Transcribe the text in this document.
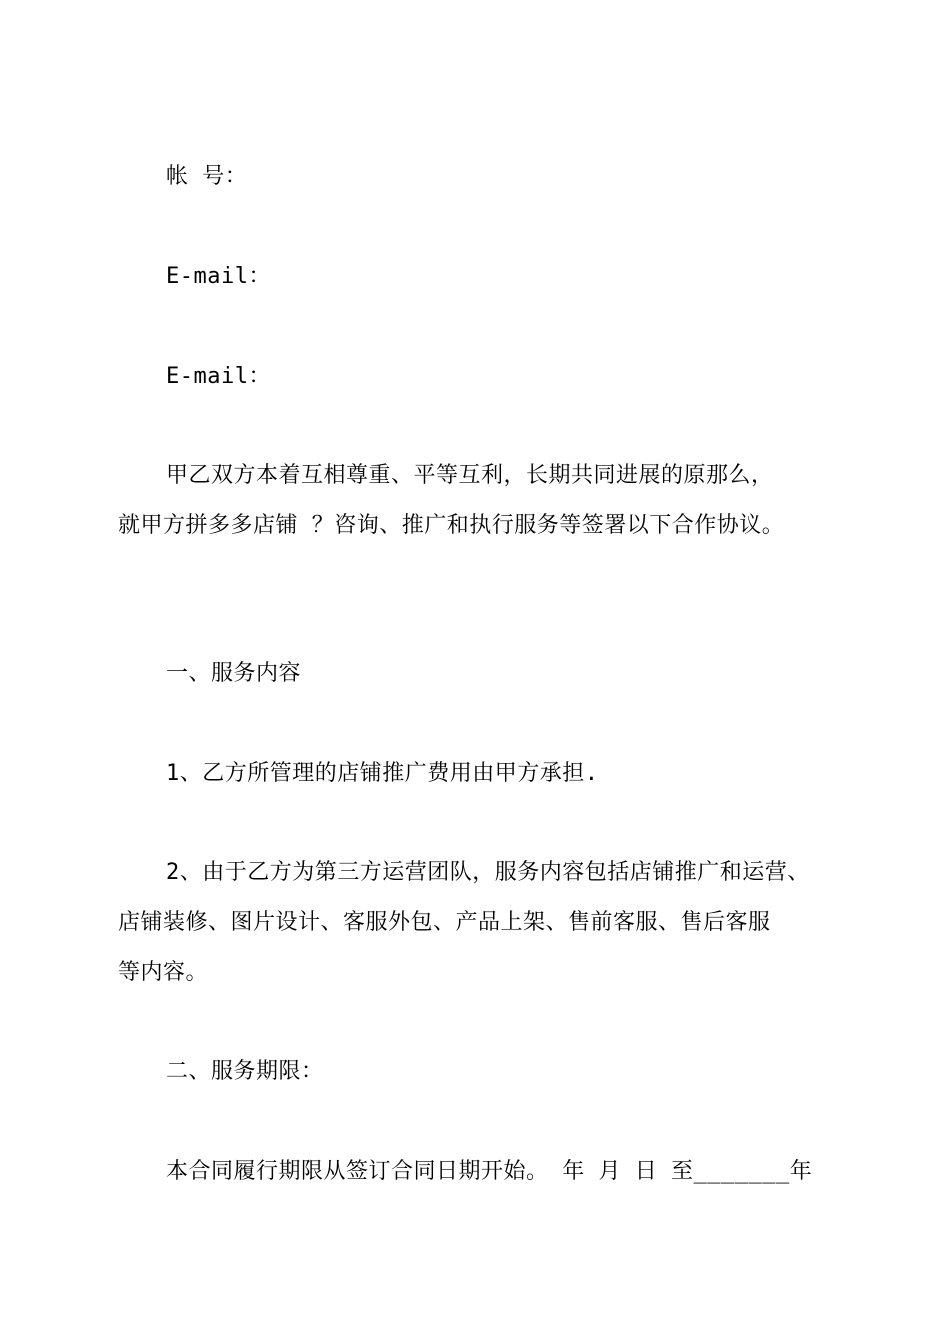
帐 号：
E-mail：
E-mail：
甲乙双方本着互相尊重、平等互利，长期共同进展的原那么，
就甲方拼多多店铺 ？咨询、推广和执行服务等签署以下合作协议。
一、服务内容
1、乙方所管理的店铺推广费用由甲方承担.
2、由于乙方为第三方运营团队，服务内容包括店铺推广和运营、
店铺装修、图片设计、客服外包、产品上架、售前客服、售后客服
等内容。
二、服务期限：
本合同履行期限从签订合同日期开始。 年 月 日 至_______年
